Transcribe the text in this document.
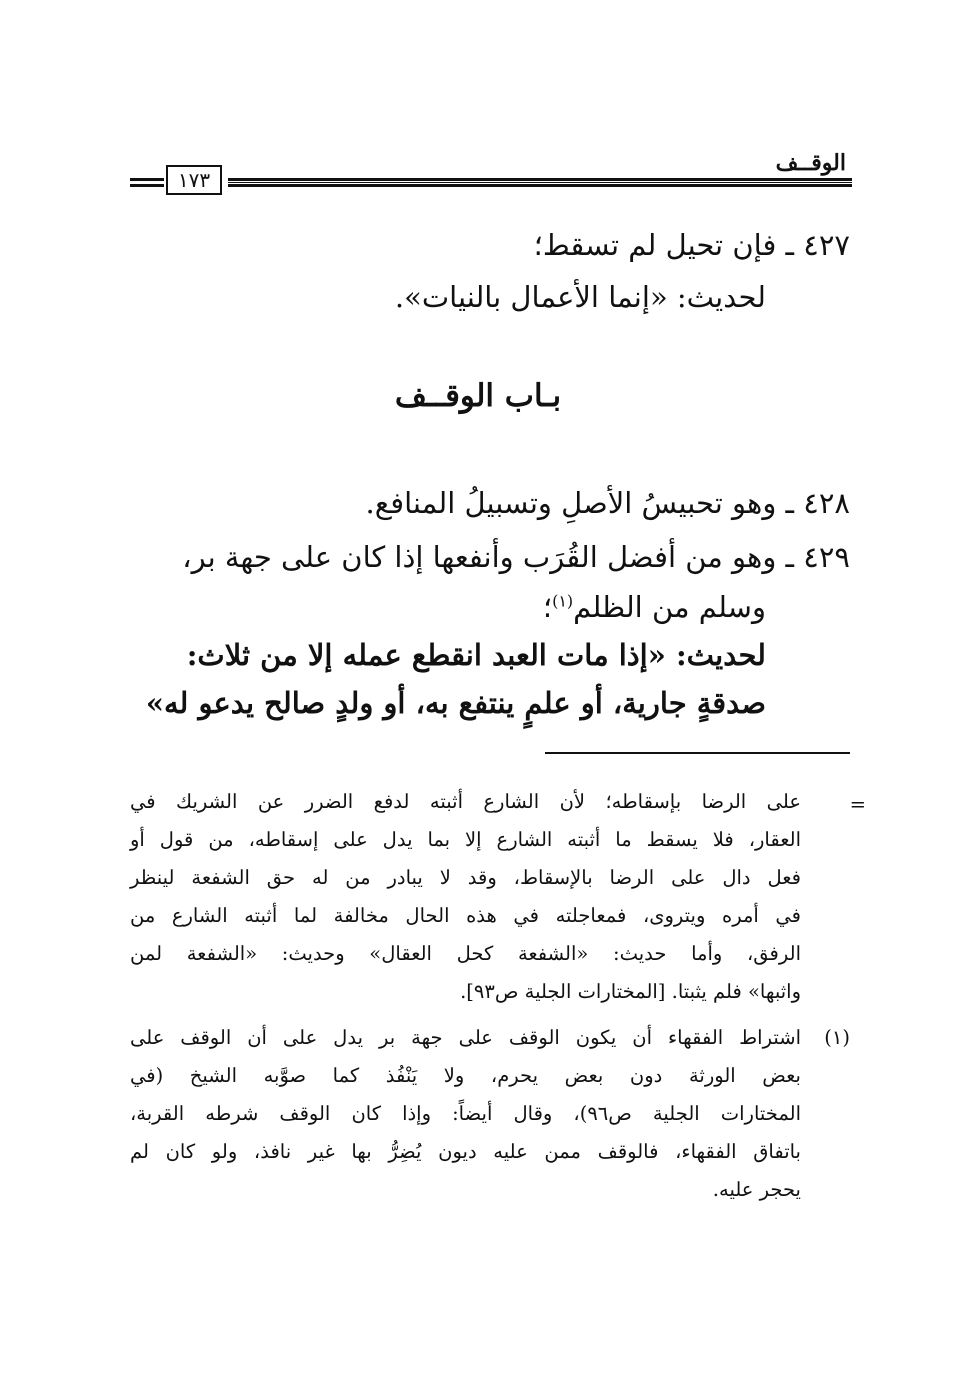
الوقــف
١٧٣
٤٢٧ ـ فإن تحيل لم تسقط؛
لحديث: «إنما الأعمال بالنيات».
بـاب الوقــف
٤٢٨ ـ وهو تحبيسُ الأصلِ وتسبيلُ المنافع.
٤٢٩ ـ وهو من أفضل القُرَب وأنفعها إذا كان على جهة بر،
وسلم من الظلم$^{(١)}$؛
لحديث: «إذا مات العبد انقطع عمله إلا من ثلاث:
صدقةٍ جارية، أو علمٍ ينتفع به، أو ولدٍ صالح يدعو له»
=
على الرضا بإسقاطه؛ لأن الشارع أثبته لدفع الضرر عن الشريك في
العقار، فلا يسقط ما أثبته الشارع إلا بما يدل على إسقاطه، من قول أو
فعل دال على الرضا بالإسقاط، وقد لا يبادر من له حق الشفعة لينظر
في أمره ويتروى، فمعاجلته في هذه الحال مخالفة لما أثبته الشارع من
الرفق، وأما حديث: «الشفعة كحل العقال» وحديث: «الشفعة لمن
واثبها» فلم يثبتا. [المختارات الجلية ص٩٣].
(١)
اشتراط الفقهاء أن يكون الوقف على جهة بر يدل على أن الوقف على
بعض الورثة دون بعض يحرم، ولا يَنْفُذ كما صوَّبه الشيخ (في
المختارات الجلية ص٩٦)، وقال أيضاً: وإذا كان الوقف شرطه القربة،
باتفاق الفقهاء، فالوقف ممن عليه ديون يُضِرُّ بها غير نافذ، ولو كان لم
يحجر عليه.
